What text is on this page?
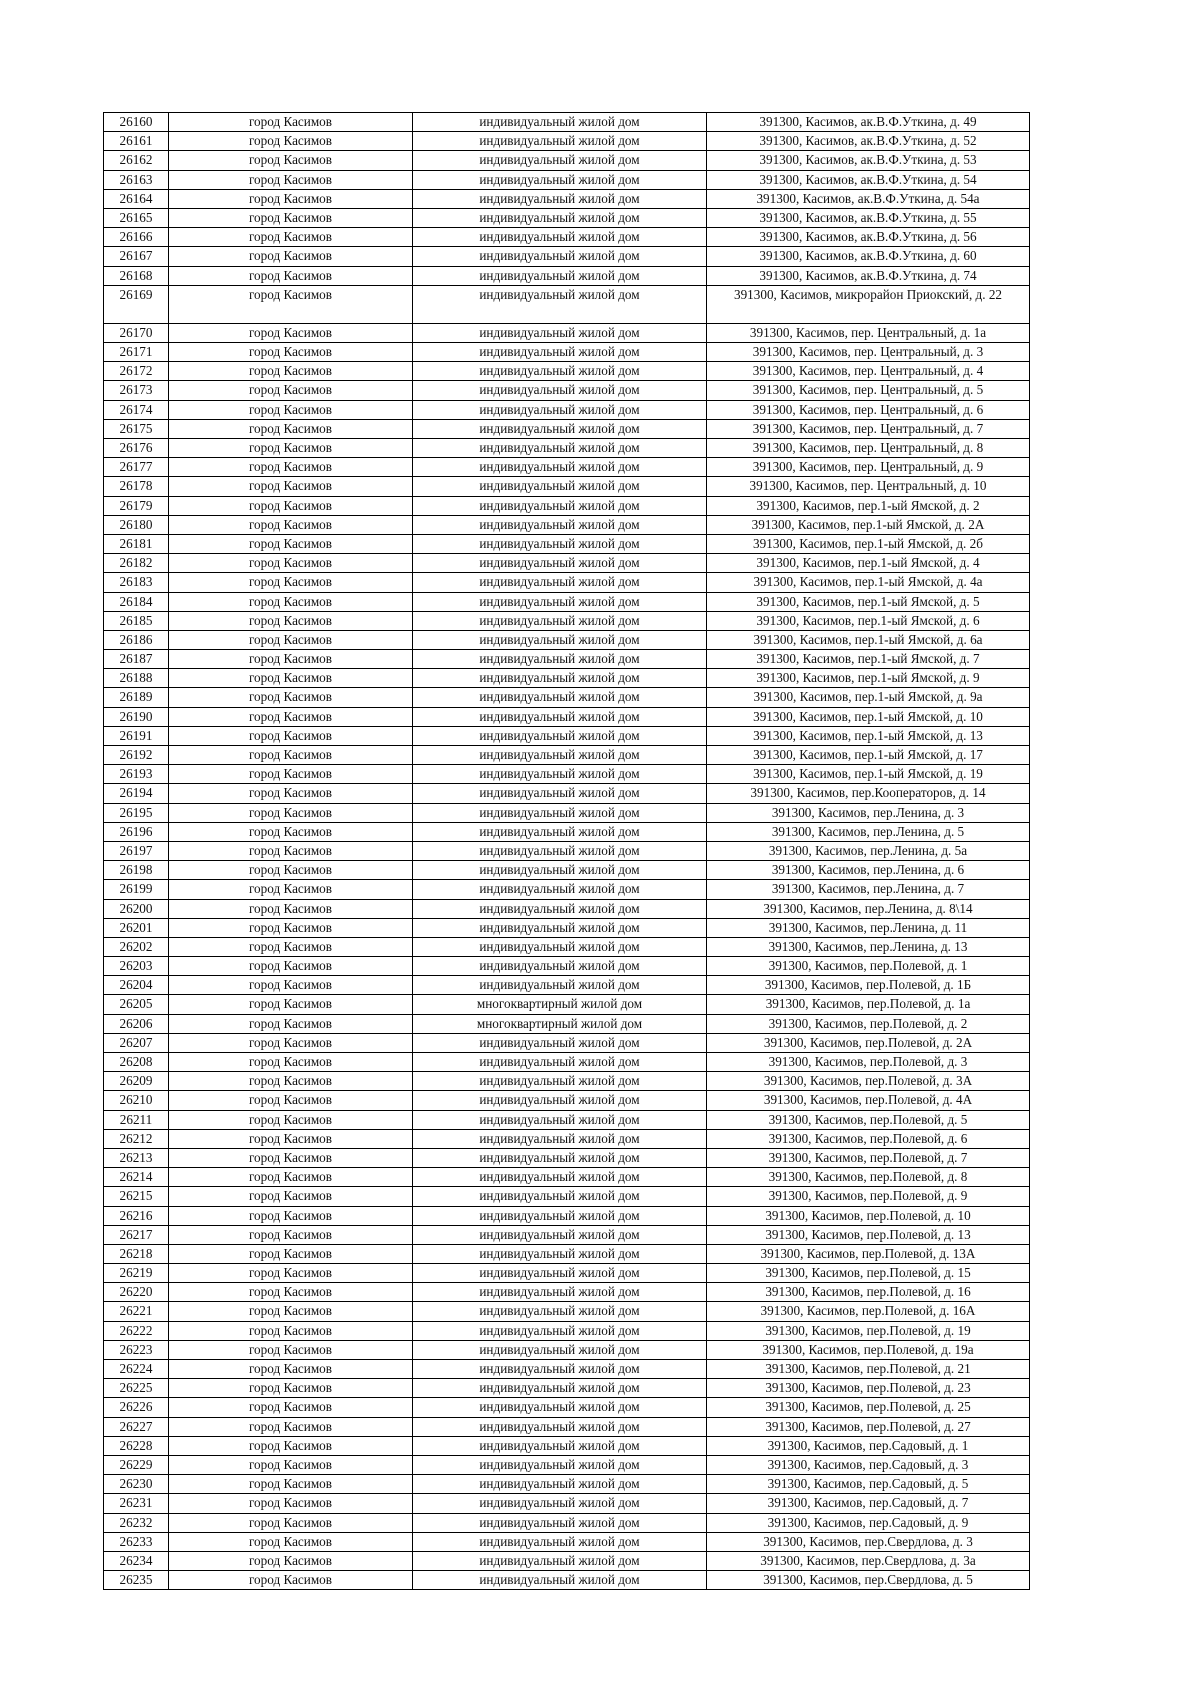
26160	город Касимов	индивидуальный жилой дом	391300, Касимов, ак.В.Ф.Уткина, д. 49
26161	город Касимов	индивидуальный жилой дом	391300, Касимов, ак.В.Ф.Уткина, д. 52
26162	город Касимов	индивидуальный жилой дом	391300, Касимов, ак.В.Ф.Уткина, д. 53
26163	город Касимов	индивидуальный жилой дом	391300, Касимов, ак.В.Ф.Уткина, д. 54
26164	город Касимов	индивидуальный жилой дом	391300, Касимов, ак.В.Ф.Уткина, д. 54а
26165	город Касимов	индивидуальный жилой дом	391300, Касимов, ак.В.Ф.Уткина, д. 55
26166	город Касимов	индивидуальный жилой дом	391300, Касимов, ак.В.Ф.Уткина, д. 56
26167	город Касимов	индивидуальный жилой дом	391300, Касимов, ак.В.Ф.Уткина, д. 60
26168	город Касимов	индивидуальный жилой дом	391300, Касимов, ак.В.Ф.Уткина, д. 74
26169	город Касимов	индивидуальный жилой дом	391300, Касимов, микрорайон Приокский, д. 22
26170	город Касимов	индивидуальный жилой дом	391300, Касимов, пер. Центральный, д. 1а
26171	город Касимов	индивидуальный жилой дом	391300, Касимов, пер. Центральный, д. 3
26172	город Касимов	индивидуальный жилой дом	391300, Касимов, пер. Центральный, д. 4
26173	город Касимов	индивидуальный жилой дом	391300, Касимов, пер. Центральный, д. 5
26174	город Касимов	индивидуальный жилой дом	391300, Касимов, пер. Центральный, д. 6
26175	город Касимов	индивидуальный жилой дом	391300, Касимов, пер. Центральный, д. 7
26176	город Касимов	индивидуальный жилой дом	391300, Касимов, пер. Центральный, д. 8
26177	город Касимов	индивидуальный жилой дом	391300, Касимов, пер. Центральный, д. 9
26178	город Касимов	индивидуальный жилой дом	391300, Касимов, пер. Центральный, д. 10
26179	город Касимов	индивидуальный жилой дом	391300, Касимов, пер.1-ый Ямской, д. 2
26180	город Касимов	индивидуальный жилой дом	391300, Касимов, пер.1-ый Ямской, д. 2А
26181	город Касимов	индивидуальный жилой дом	391300, Касимов, пер.1-ый Ямской, д. 2б
26182	город Касимов	индивидуальный жилой дом	391300, Касимов, пер.1-ый Ямской, д. 4
26183	город Касимов	индивидуальный жилой дом	391300, Касимов, пер.1-ый Ямской, д. 4а
26184	город Касимов	индивидуальный жилой дом	391300, Касимов, пер.1-ый Ямской, д. 5
26185	город Касимов	индивидуальный жилой дом	391300, Касимов, пер.1-ый Ямской, д. 6
26186	город Касимов	индивидуальный жилой дом	391300, Касимов, пер.1-ый Ямской, д. 6а
26187	город Касимов	индивидуальный жилой дом	391300, Касимов, пер.1-ый Ямской, д. 7
26188	город Касимов	индивидуальный жилой дом	391300, Касимов, пер.1-ый Ямской, д. 9
26189	город Касимов	индивидуальный жилой дом	391300, Касимов, пер.1-ый Ямской, д. 9а
26190	город Касимов	индивидуальный жилой дом	391300, Касимов, пер.1-ый Ямской, д. 10
26191	город Касимов	индивидуальный жилой дом	391300, Касимов, пер.1-ый Ямской, д. 13
26192	город Касимов	индивидуальный жилой дом	391300, Касимов, пер.1-ый Ямской, д. 17
26193	город Касимов	индивидуальный жилой дом	391300, Касимов, пер.1-ый Ямской, д. 19
26194	город Касимов	индивидуальный жилой дом	391300, Касимов, пер.Кооператоров, д. 14
26195	город Касимов	индивидуальный жилой дом	391300, Касимов, пер.Ленина, д. 3
26196	город Касимов	индивидуальный жилой дом	391300, Касимов, пер.Ленина, д. 5
26197	город Касимов	индивидуальный жилой дом	391300, Касимов, пер.Ленина, д. 5а
26198	город Касимов	индивидуальный жилой дом	391300, Касимов, пер.Ленина, д. 6
26199	город Касимов	индивидуальный жилой дом	391300, Касимов, пер.Ленина, д. 7
26200	город Касимов	индивидуальный жилой дом	391300, Касимов, пер.Ленина, д. 8\14
26201	город Касимов	индивидуальный жилой дом	391300, Касимов, пер.Ленина, д. 11
26202	город Касимов	индивидуальный жилой дом	391300, Касимов, пер.Ленина, д. 13
26203	город Касимов	индивидуальный жилой дом	391300, Касимов, пер.Полевой, д. 1
26204	город Касимов	индивидуальный жилой дом	391300, Касимов, пер.Полевой, д. 1Б
26205	город Касимов	многоквартирный жилой дом	391300, Касимов, пер.Полевой, д. 1а
26206	город Касимов	многоквартирный жилой дом	391300, Касимов, пер.Полевой, д. 2
26207	город Касимов	индивидуальный жилой дом	391300, Касимов, пер.Полевой, д. 2А
26208	город Касимов	индивидуальный жилой дом	391300, Касимов, пер.Полевой, д. 3
26209	город Касимов	индивидуальный жилой дом	391300, Касимов, пер.Полевой, д. 3А
26210	город Касимов	индивидуальный жилой дом	391300, Касимов, пер.Полевой, д. 4А
26211	город Касимов	индивидуальный жилой дом	391300, Касимов, пер.Полевой, д. 5
26212	город Касимов	индивидуальный жилой дом	391300, Касимов, пер.Полевой, д. 6
26213	город Касимов	индивидуальный жилой дом	391300, Касимов, пер.Полевой, д. 7
26214	город Касимов	индивидуальный жилой дом	391300, Касимов, пер.Полевой, д. 8
26215	город Касимов	индивидуальный жилой дом	391300, Касимов, пер.Полевой, д. 9
26216	город Касимов	индивидуальный жилой дом	391300, Касимов, пер.Полевой, д. 10
26217	город Касимов	индивидуальный жилой дом	391300, Касимов, пер.Полевой, д. 13
26218	город Касимов	индивидуальный жилой дом	391300, Касимов, пер.Полевой, д. 13А
26219	город Касимов	индивидуальный жилой дом	391300, Касимов, пер.Полевой, д. 15
26220	город Касимов	индивидуальный жилой дом	391300, Касимов, пер.Полевой, д. 16
26221	город Касимов	индивидуальный жилой дом	391300, Касимов, пер.Полевой, д. 16А
26222	город Касимов	индивидуальный жилой дом	391300, Касимов, пер.Полевой, д. 19
26223	город Касимов	индивидуальный жилой дом	391300, Касимов, пер.Полевой, д. 19а
26224	город Касимов	индивидуальный жилой дом	391300, Касимов, пер.Полевой, д. 21
26225	город Касимов	индивидуальный жилой дом	391300, Касимов, пер.Полевой, д. 23
26226	город Касимов	индивидуальный жилой дом	391300, Касимов, пер.Полевой, д. 25
26227	город Касимов	индивидуальный жилой дом	391300, Касимов, пер.Полевой, д. 27
26228	город Касимов	индивидуальный жилой дом	391300, Касимов, пер.Садовый, д. 1
26229	город Касимов	индивидуальный жилой дом	391300, Касимов, пер.Садовый, д. 3
26230	город Касимов	индивидуальный жилой дом	391300, Касимов, пер.Садовый, д. 5
26231	город Касимов	индивидуальный жилой дом	391300, Касимов, пер.Садовый, д. 7
26232	город Касимов	индивидуальный жилой дом	391300, Касимов, пер.Садовый, д. 9
26233	город Касимов	индивидуальный жилой дом	391300, Касимов, пер.Свердлова, д. 3
26234	город Касимов	индивидуальный жилой дом	391300, Касимов, пер.Свердлова, д. 3а
26235	город Касимов	индивидуальный жилой дом	391300, Касимов, пер.Свердлова, д. 5
